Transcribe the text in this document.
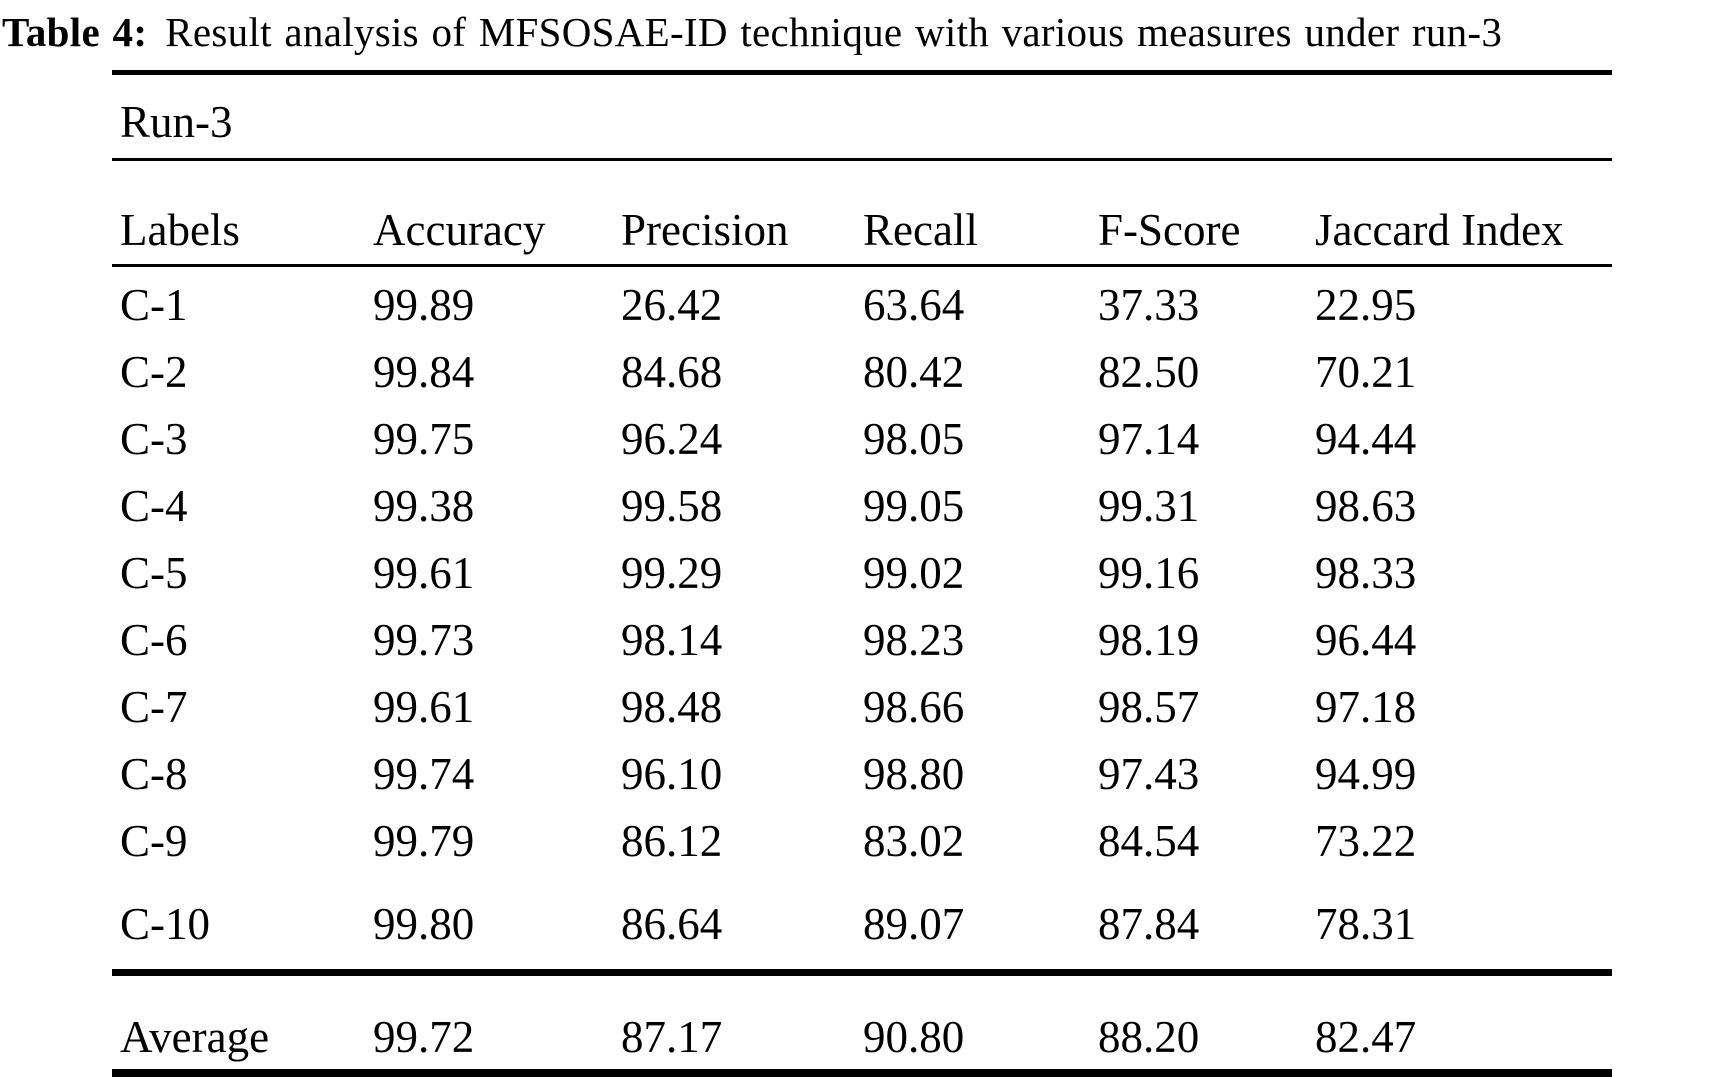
Table 4: Result analysis of MFSOSAE-ID technique with various measures under run-3
Run-3					
Labels	Accuracy	Precision	Recall	F-Score	Jaccard Index
C-1	99.89	26.42	63.64	37.33	22.95
C-2	99.84	84.68	80.42	82.50	70.21
C-3	99.75	96.24	98.05	97.14	94.44
C-4	99.38	99.58	99.05	99.31	98.63
C-5	99.61	99.29	99.02	99.16	98.33
C-6	99.73	98.14	98.23	98.19	96.44
C-7	99.61	98.48	98.66	98.57	97.18
C-8	99.74	96.10	98.80	97.43	94.99
C-9	99.79	86.12	83.02	84.54	73.22
C-10	99.80	86.64	89.07	87.84	78.31
Average	99.72	87.17	90.80	88.20	82.47
